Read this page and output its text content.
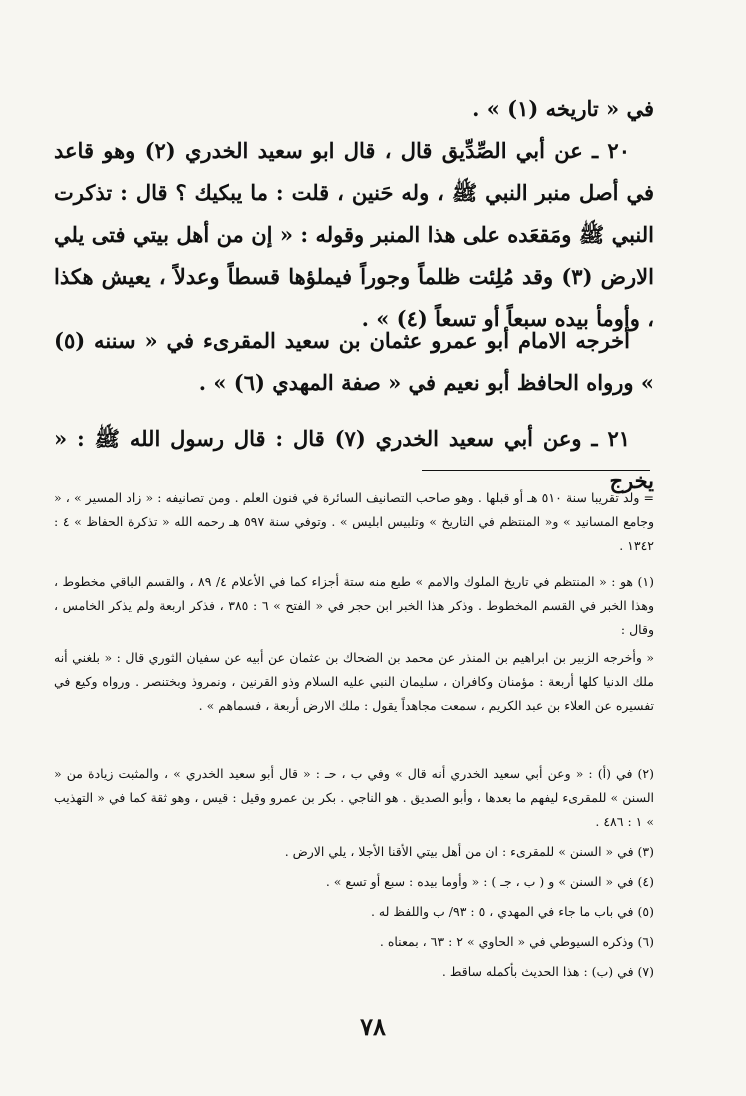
في « تاريخه (١) » .

٢٠ ـ عن أبي الصِّدِّيق قال ، قال ابو سعيد الخدري (٢) وهو قاعد في أصل منبر النبي ﷺ ، وله حَنين ، قلت : ما يبكيك ؟ قال : تذكرت النبي ﷺ ومَقعَده على هذا المنبر وقوله : « إن من أهل بيتي فتى يلي الارض (٣) وقد مُلِئت ظلماً وجوراً فيملؤها قسطاً وعدلاً ، يعيش هكذا ، وأومأ بيده سبعاً أو تسعاً (٤) » .

أخرجه الامام أبو عمرو عثمان بن سعيد المقرىء في « سننه (٥) » ورواه الحافظ أبو نعيم في « صفة المهدي (٦) » .

٢١ ـ وعن أبي سعيد الخدري (٧) قال : قال رسول الله ﷺ : « يخرج

= ولد تقريبا سنة ٥١٠ هـ أو قبلها . وهو صاحب التصانيف السائرة في فنون العلم . ومن تصانيفه : « زاد المسير » ، « وجامع المسانيد » و« المنتظم في التاريخ » وتلبيس ابليس » . وتوفي سنة ٥٩٧ هـ رحمه الله « تذكرة الحفاظ » ٤ : ١٣٤٢ .
(١) هو : « المنتظم في تاريخ الملوك والامم » طبع منه ستة أجزاء كما في الأعلام ٤/ ٨٩ ، والقسم الباقي مخطوط ، وهذا الخبر في القسم المخطوط . وذكر هذا الخبر ابن حجر في « الفتح » ٦ : ٣٨٥ ، فذكر اربعة ولم يذكر الخامس ، وقال :
« وأخرجه الزبير بن ابراهيم بن المنذر عن محمد بن الضحاك بن عثمان عن أبيه عن سفيان الثوري قال : « بلغني أنه ملك الدنيا كلها أربعة : مؤمنان وكافران ، سليمان النبي عليه السلام وذو القرنين ، ونمروذ وبختنصر . ورواه وكيع في تفسيره عن العلاء بن عبد الكريم ، سمعت مجاهداً يقول : ملك الارض أربعة ، فسماهم » .
(٢) في (أ) : « وعن أبي سعيد الخدري أنه قال » وفي ب ، حـ : « قال أبو سعيد الخدري » ، والمثبت زيادة من « السنن » للمقرىء ليفهم ما بعدها ، وأبو الصديق . هو الناجي . بكر بن عمرو وقيل : قيس ، وهو ثقة كما في « التهذيب » ١ : ٤٨٦ .
(٣) في « السنن » للمقرىء : ان من أهل بيتي الأقنا الأجلا ، يلي الارض .
(٤) في « السنن » و ( ب ، جـ ) : « وأوما بيده : سبع أو تسع » .
(٥) في باب ما جاء في المهدي ، ٥ : ٩٣/ ب واللفظ له .
(٦) وذكره السيوطي في « الحاوي » ٢ : ٦٣ ، بمعناه .
(٧) في (ب) : هذا الحديث بأكمله ساقط .
٧٨
